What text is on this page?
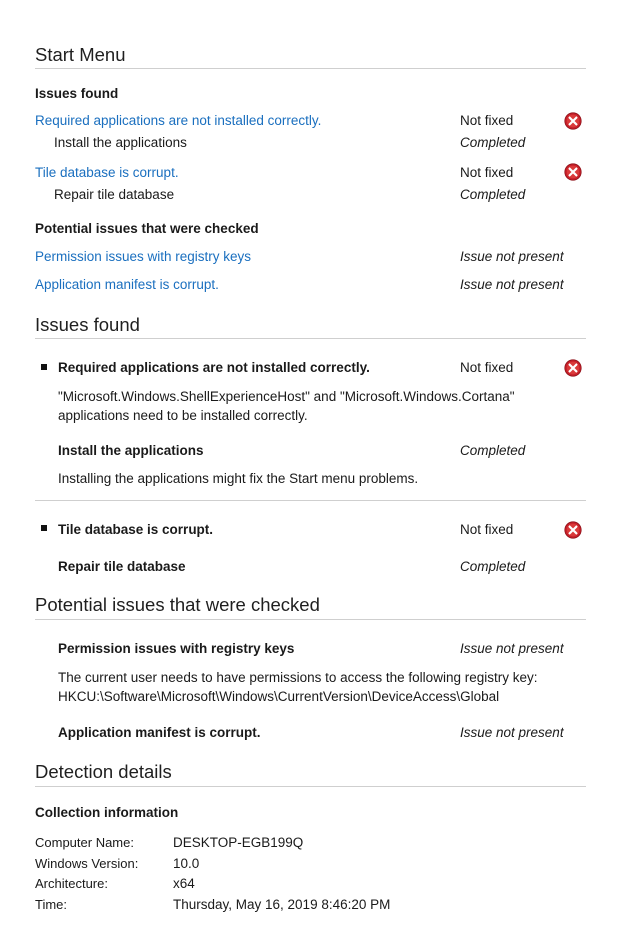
Start Menu
Issues found
Required applications are not installed correctly.	Not fixed
Install the applications	Completed
Tile database is corrupt.	Not fixed
Repair tile database	Completed
Potential issues that were checked
Permission issues with registry keys	Issue not present
Application manifest is corrupt.	Issue not present
Issues found
Required applications are not installed correctly.	Not fixed
"Microsoft.Windows.ShellExperienceHost" and "Microsoft.Windows.Cortana" applications need to be installed correctly.
Install the applications	Completed
Installing the applications might fix the Start menu problems.
Tile database is corrupt.	Not fixed
Repair tile database	Completed
Potential issues that were checked
Permission issues with registry keys	Issue not present
The current user needs to have permissions to access the following registry key: HKCU:\Software\Microsoft\Windows\CurrentVersion\DeviceAccess\Global
Application manifest is corrupt.	Issue not present
Detection details
Collection information
Computer Name:	DESKTOP-EGB199Q
Windows Version:	10.0
Architecture:	x64
Time:	Thursday, May 16, 2019 8:46:20 PM
